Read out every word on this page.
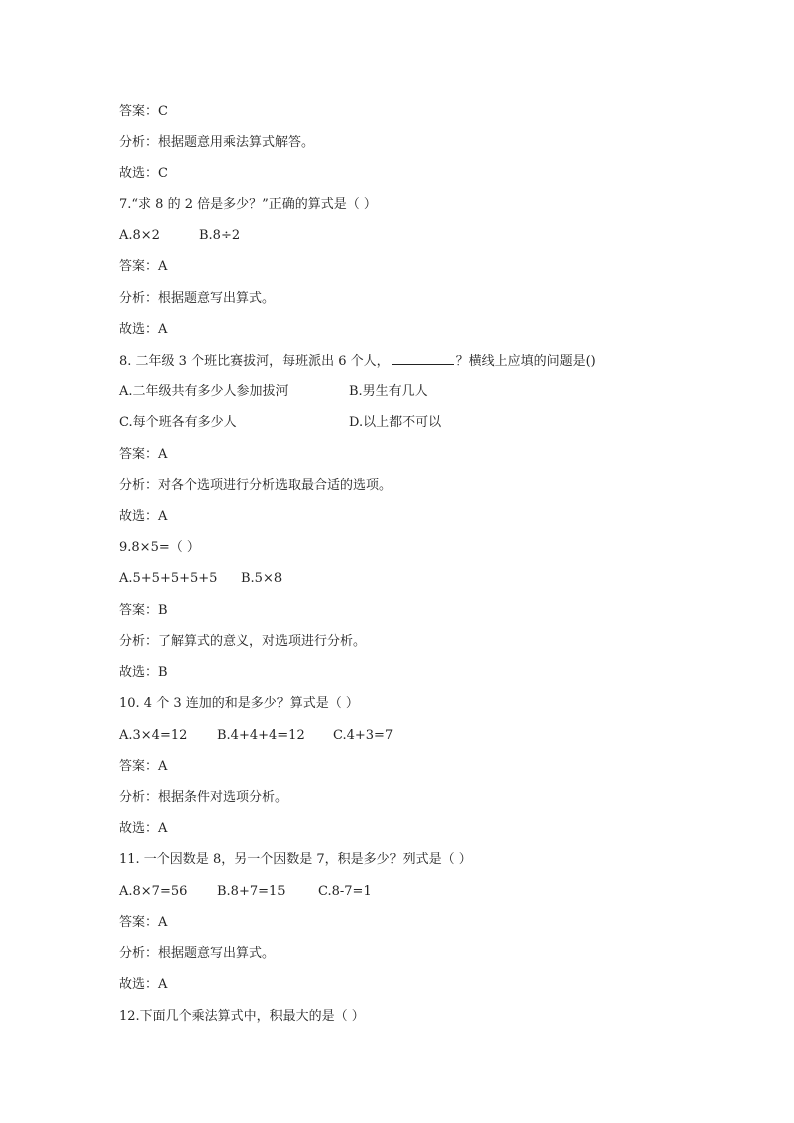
答案：C
分析：根据题意用乘法算式解答。
故选：C
7.“求 8 的 2 倍是多少？”正确的算式是（ ）
A.8×2	B.8÷2
答案：A
分析：根据题意写出算式。
故选：A
8. 二年级 3 个班比赛拔河，每班派出 6 个人，	？横线上应填的问题是()
A.二年级共有多少人参加拔河	B.男生有几人
C.每个班各有多少人	D.以上都不可以
答案：A
分析：对各个选项进行分析选取最合适的选项。
故选：A
9.8×5=（ ）
A.5+5+5+5+5 B.5×8
答案：B
分析：了解算式的意义，对选项进行分析。
故选：B
10. 4 个 3 连加的和是多少？算式是（ ）
A.3×4=12 B.4+4+4=12 C.4+3=7
答案：A
分析：根据条件对选项分析。
故选：A
11. 一个因数是 8，另一个因数是 7，积是多少？列式是（ ）
A.8×7=56 B.8+7=15 C.8-7=1
答案：A
分析：根据题意写出算式。
故选：A
12.下面几个乘法算式中，积最大的是（ ）
